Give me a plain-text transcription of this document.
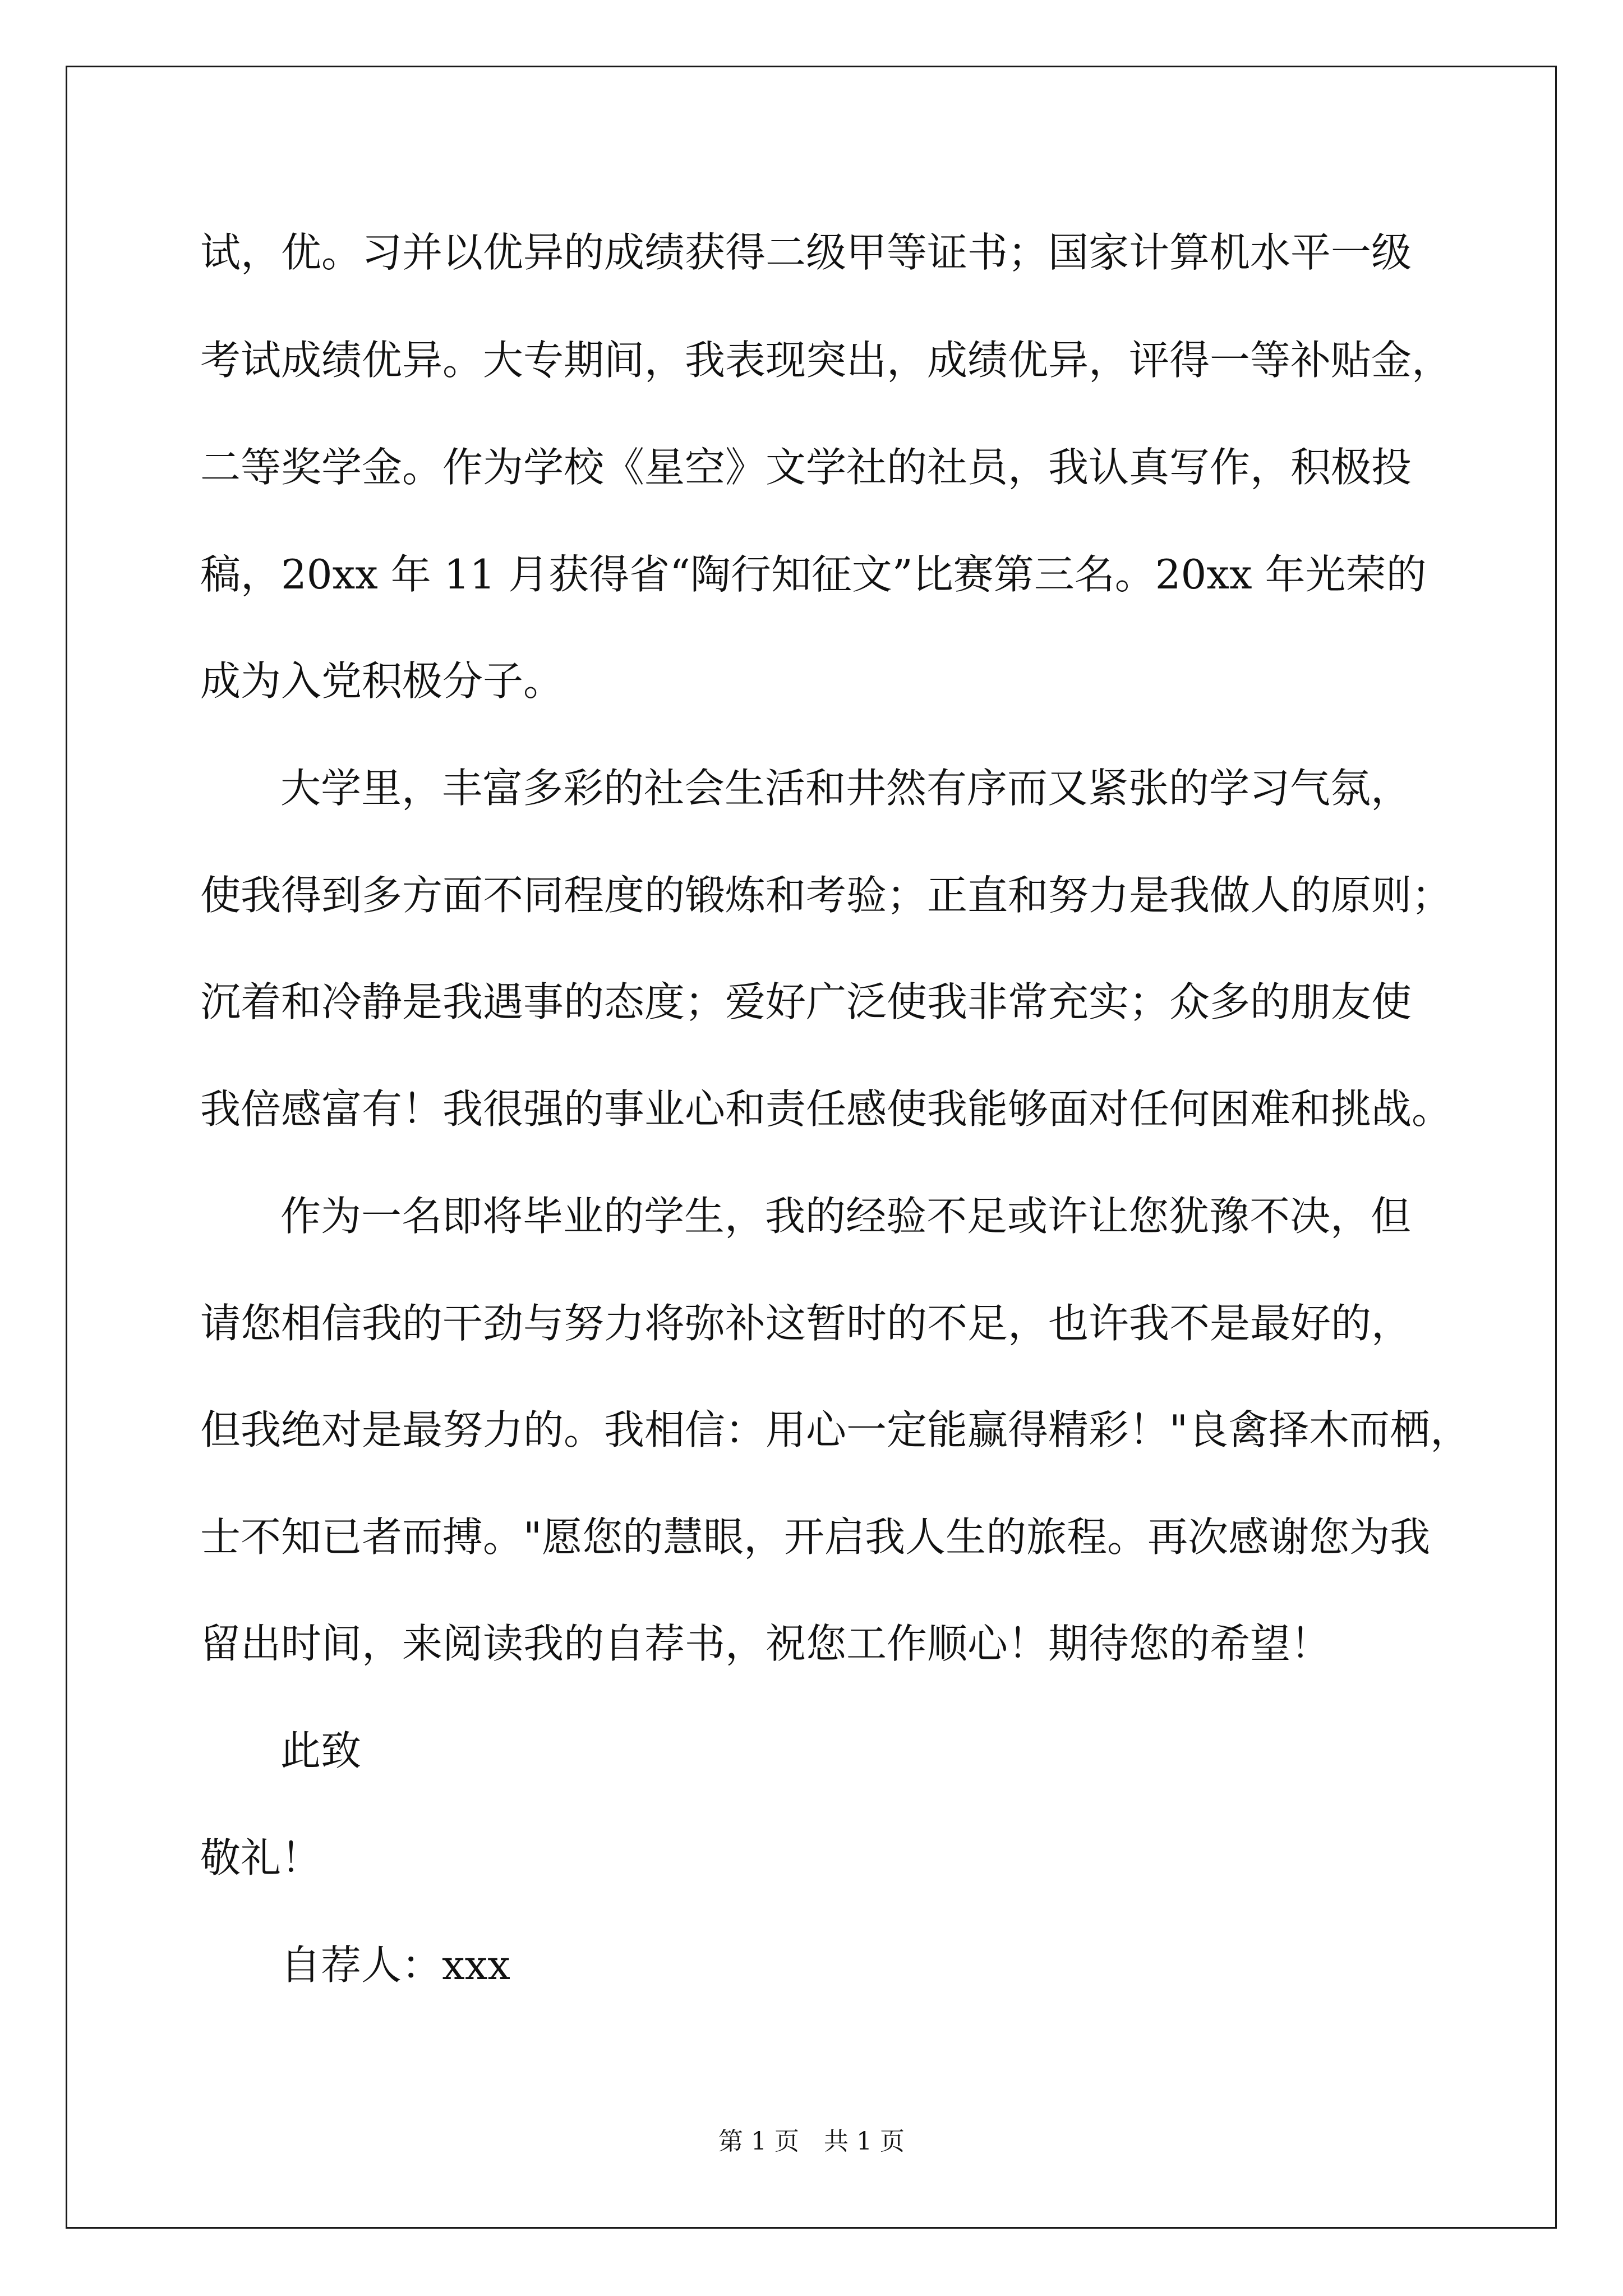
试，优。习并以优异的成绩获得二级甲等证书；国家计算机水平一级
考试成绩优异。大专期间，我表现突出，成绩优异，评得一等补贴金，
二等奖学金。作为学校《星空》文学社的社员，我认真写作，积极投
稿，20xx 年 11 月获得省“陶行知征文”比赛第三名。20xx 年光荣的
成为入党积极分子。
大学里，丰富多彩的社会生活和井然有序而又紧张的学习气氛，
使我得到多方面不同程度的锻炼和考验；正直和努力是我做人的原则；
沉着和冷静是我遇事的态度；爱好广泛使我非常充实；众多的朋友使
我倍感富有！我很强的事业心和责任感使我能够面对任何困难和挑战。
作为一名即将毕业的学生，我的经验不足或许让您犹豫不决，但
请您相信我的干劲与努力将弥补这暂时的不足，也许我不是最好的，
但我绝对是最努力的。我相信：用心一定能赢得精彩！"良禽择木而栖，
士不知已者而搏。"愿您的慧眼，开启我人生的旅程。再次感谢您为我
留出时间，来阅读我的自荐书，祝您工作顺心！期待您的希望！
此致
敬礼！
自荐人：xxx
第 1 页　共 1 页
